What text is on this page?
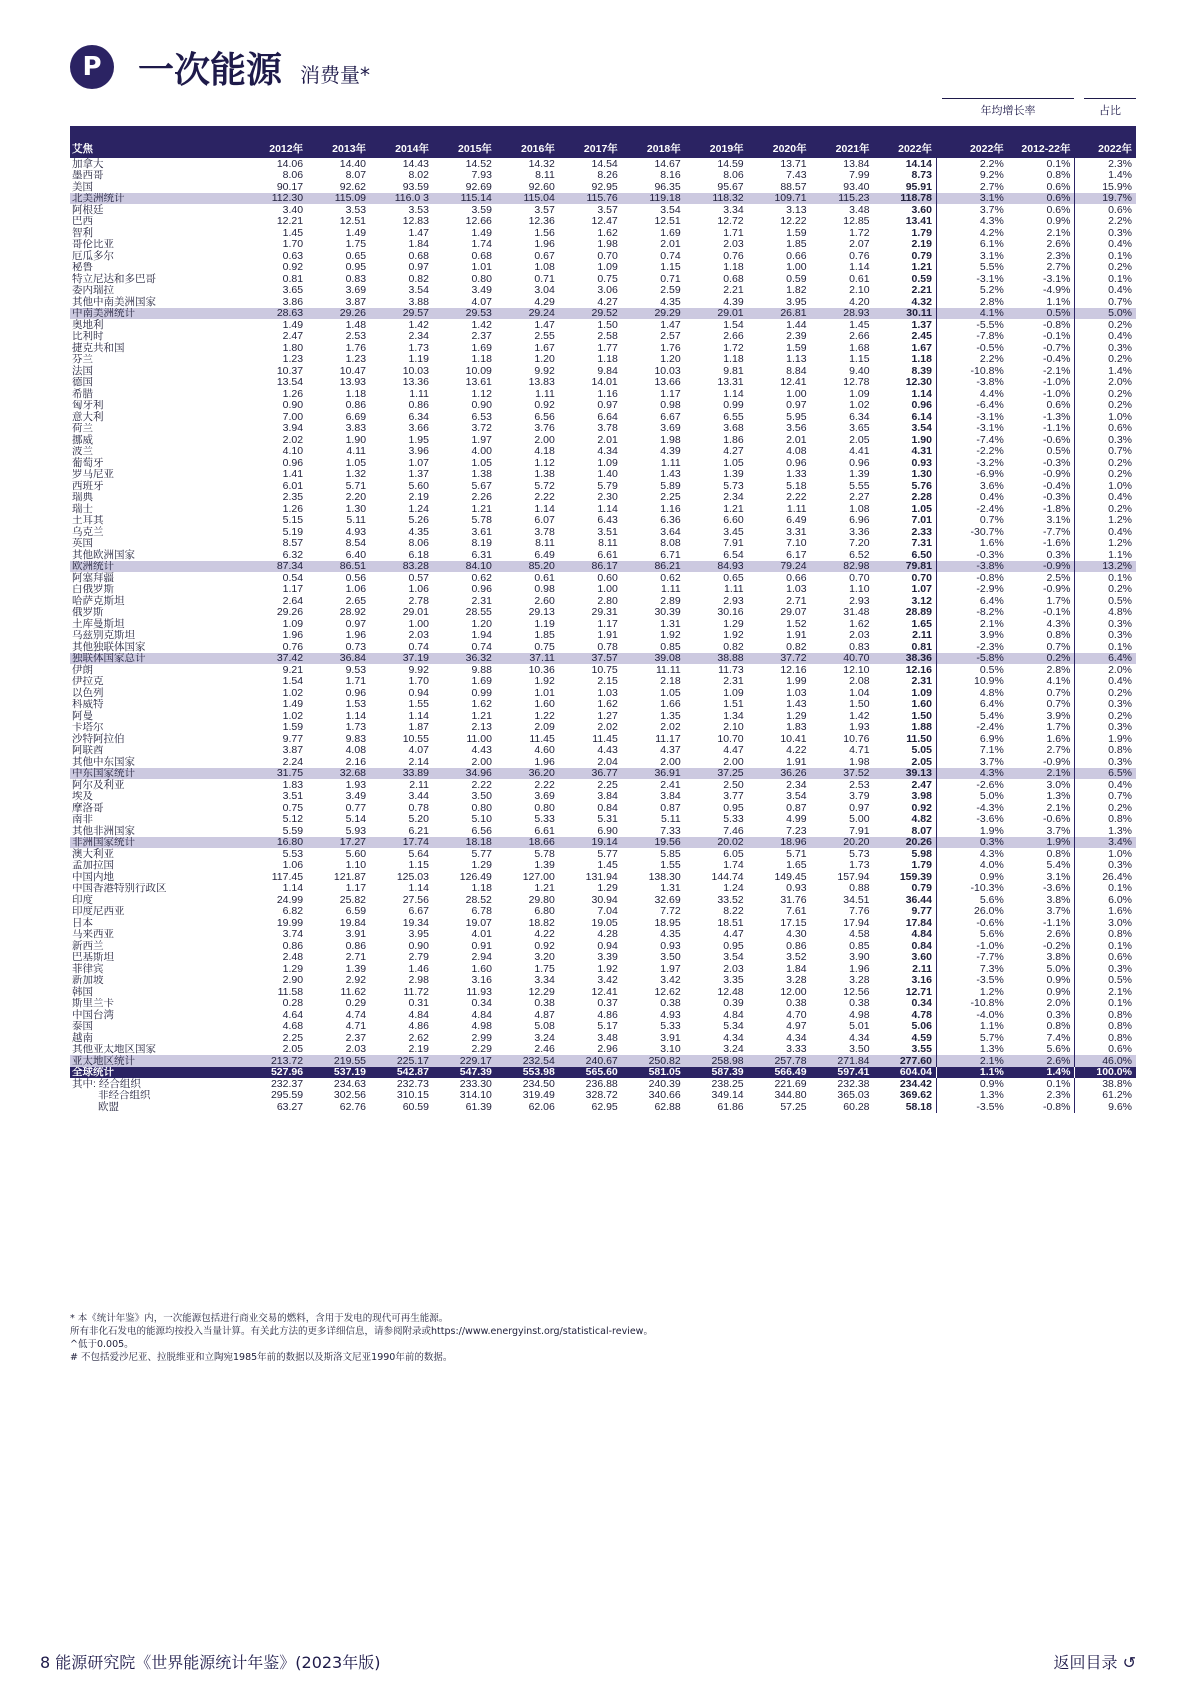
P	一次能源 消费量*
年均增长率	占比
艾焦	2012年	2013年	2014年	2015年	2016年	2017年	2018年	2019年	2020年	2021年	2022年	2022年	2012-22年	2022年
加拿大	14.06	14.40	14.43	14.52	14.32	14.54	14.67	14.59	13.71	13.84	14.14	2.2%	0.1%	2.3%
墨西哥	8.06	8.07	8.02	7.93	8.11	8.26	8.16	8.06	7.43	7.99	8.73	9.2%	0.8%	1.4%
美国	90.17	92.62	93.59	92.69	92.60	92.95	96.35	95.67	88.57	93.40	95.91	2.7%	0.6%	15.9%
北美洲统计	112.30	115.09	116.0 3	115.14	115.04	115.76	119.18	118.32	109.71	115.23	118.78	3.1%	0.6%	19.7%
阿根廷	3.40	3.53	3.53	3.59	3.57	3.57	3.54	3.34	3.13	3.48	3.60	3.7%	0.6%	0.6%
巴西	12.21	12.51	12.83	12.66	12.36	12.47	12.51	12.72	12.22	12.85	13.41	4.3%	0.9%	2.2%
智利	1.45	1.49	1.47	1.49	1.56	1.62	1.69	1.71	1.59	1.72	1.79	4.2%	2.1%	0.3%
哥伦比亚	1.70	1.75	1.84	1.74	1.96	1.98	2.01	2.03	1.85	2.07	2.19	6.1%	2.6%	0.4%
厄瓜多尔	0.63	0.65	0.68	0.68	0.67	0.70	0.74	0.76	0.66	0.76	0.79	3.1%	2.3%	0.1%
秘鲁	0.92	0.95	0.97	1.01	1.08	1.09	1.15	1.18	1.00	1.14	1.21	5.5%	2.7%	0.2%
特立尼达和多巴哥	0.81	0.83	0.82	0.80	0.71	0.75	0.71	0.68	0.59	0.61	0.59	-3.1%	-3.1%	0.1%
委内瑞拉	3.65	3.69	3.54	3.49	3.04	3.06	2.59	2.21	1.82	2.10	2.21	5.2%	-4.9%	0.4%
其他中南美洲国家	3.86	3.87	3.88	4.07	4.29	4.27	4.35	4.39	3.95	4.20	4.32	2.8%	1.1%	0.7%
中南美洲统计	28.63	29.26	29.57	29.53	29.24	29.52	29.29	29.01	26.81	28.93	30.11	4.1%	0.5%	5.0%
奥地利	1.49	1.48	1.42	1.42	1.47	1.50	1.47	1.54	1.44	1.45	1.37	-5.5%	-0.8%	0.2%
比利时	2.47	2.53	2.34	2.37	2.55	2.58	2.57	2.66	2.39	2.66	2.45	-7.8%	-0.1%	0.4%
捷克共和国	1.80	1.76	1.73	1.69	1.67	1.77	1.76	1.72	1.59	1.68	1.67	-0.5%	-0.7%	0.3%
芬兰	1.23	1.23	1.19	1.18	1.20	1.18	1.20	1.18	1.13	1.15	1.18	2.2%	-0.4%	0.2%
法国	10.37	10.47	10.03	10.09	9.92	9.84	10.03	9.81	8.84	9.40	8.39	-10.8%	-2.1%	1.4%
德国	13.54	13.93	13.36	13.61	13.83	14.01	13.66	13.31	12.41	12.78	12.30	-3.8%	-1.0%	2.0%
希腊	1.26	1.18	1.11	1.12	1.11	1.16	1.17	1.14	1.00	1.09	1.14	4.4%	-1.0%	0.2%
匈牙利	0.90	0.86	0.86	0.90	0.92	0.97	0.98	0.99	0.97	1.02	0.96	-6.4%	0.6%	0.2%
意大利	7.00	6.69	6.34	6.53	6.56	6.64	6.67	6.55	5.95	6.34	6.14	-3.1%	-1.3%	1.0%
荷兰	3.94	3.83	3.66	3.72	3.76	3.78	3.69	3.68	3.56	3.65	3.54	-3.1%	-1.1%	0.6%
挪威	2.02	1.90	1.95	1.97	2.00	2.01	1.98	1.86	2.01	2.05	1.90	-7.4%	-0.6%	0.3%
波兰	4.10	4.11	3.96	4.00	4.18	4.34	4.39	4.27	4.08	4.41	4.31	-2.2%	0.5%	0.7%
葡萄牙	0.96	1.05	1.07	1.05	1.12	1.09	1.11	1.05	0.96	0.96	0.93	-3.2%	-0.3%	0.2%
罗马尼亚	1.41	1.32	1.37	1.38	1.38	1.40	1.43	1.39	1.33	1.39	1.30	-6.9%	-0.9%	0.2%
西班牙	6.01	5.71	5.60	5.67	5.72	5.79	5.89	5.73	5.18	5.55	5.76	3.6%	-0.4%	1.0%
瑞典	2.35	2.20	2.19	2.26	2.22	2.30	2.25	2.34	2.22	2.27	2.28	0.4%	-0.3%	0.4%
瑞士	1.26	1.30	1.24	1.21	1.14	1.14	1.16	1.21	1.11	1.08	1.05	-2.4%	-1.8%	0.2%
土耳其	5.15	5.11	5.26	5.78	6.07	6.43	6.36	6.60	6.49	6.96	7.01	0.7%	3.1%	1.2%
乌克兰	5.19	4.93	4.35	3.61	3.78	3.51	3.64	3.45	3.31	3.36	2.33	-30.7%	-7.7%	0.4%
英国	8.57	8.54	8.06	8.19	8.11	8.11	8.08	7.91	7.10	7.20	7.31	1.6%	-1.6%	1.2%
其他欧洲国家	6.32	6.40	6.18	6.31	6.49	6.61	6.71	6.54	6.17	6.52	6.50	-0.3%	0.3%	1.1%
欧洲统计	87.34	86.51	83.28	84.10	85.20	86.17	86.21	84.93	79.24	82.98	79.81	-3.8%	-0.9%	13.2%
阿塞拜疆	0.54	0.56	0.57	0.62	0.61	0.60	0.62	0.65	0.66	0.70	0.70	-0.8%	2.5%	0.1%
白俄罗斯	1.17	1.06	1.06	0.96	0.98	1.00	1.11	1.11	1.03	1.10	1.07	-2.9%	-0.9%	0.2%
哈萨克斯坦	2.64	2.65	2.78	2.31	2.60	2.80	2.89	2.93	2.71	2.93	3.12	6.4%	1.7%	0.5%
俄罗斯	29.26	28.92	29.01	28.55	29.13	29.31	30.39	30.16	29.07	31.48	28.89	-8.2%	-0.1%	4.8%
土库曼斯坦	1.09	0.97	1.00	1.20	1.19	1.17	1.31	1.29	1.52	1.62	1.65	2.1%	4.3%	0.3%
乌兹别克斯坦	1.96	1.96	2.03	1.94	1.85	1.91	1.92	1.92	1.91	2.03	2.11	3.9%	0.8%	0.3%
其他独联体国家	0.76	0.73	0.74	0.74	0.75	0.78	0.85	0.82	0.82	0.83	0.81	-2.3%	0.7%	0.1%
独联体国家总计	37.42	36.84	37.19	36.32	37.11	37.57	39.08	38.88	37.72	40.70	38.36	-5.8%	0.2%	6.4%
伊朗	9.21	9.53	9.92	9.88	10.36	10.75	11.11	11.73	12.16	12.10	12.16	0.5%	2.8%	2.0%
伊拉克	1.54	1.71	1.70	1.69	1.92	2.15	2.18	2.31	1.99	2.08	2.31	10.9%	4.1%	0.4%
以色列	1.02	0.96	0.94	0.99	1.01	1.03	1.05	1.09	1.03	1.04	1.09	4.8%	0.7%	0.2%
科威特	1.49	1.53	1.55	1.62	1.60	1.62	1.66	1.51	1.43	1.50	1.60	6.4%	0.7%	0.3%
阿曼	1.02	1.14	1.14	1.21	1.22	1.27	1.35	1.34	1.29	1.42	1.50	5.4%	3.9%	0.2%
卡塔尔	1.59	1.73	1.87	2.13	2.09	2.02	2.02	2.10	1.83	1.93	1.88	-2.4%	1.7%	0.3%
沙特阿拉伯	9.77	9.83	10.55	11.00	11.45	11.45	11.17	10.70	10.41	10.76	11.50	6.9%	1.6%	1.9%
阿联酋	3.87	4.08	4.07	4.43	4.60	4.43	4.37	4.47	4.22	4.71	5.05	7.1%	2.7%	0.8%
其他中东国家	2.24	2.16	2.14	2.00	1.96	2.04	2.00	2.00	1.91	1.98	2.05	3.7%	-0.9%	0.3%
中东国家统计	31.75	32.68	33.89	34.96	36.20	36.77	36.91	37.25	36.26	37.52	39.13	4.3%	2.1%	6.5%
阿尔及利亚	1.83	1.93	2.11	2.22	2.22	2.25	2.41	2.50	2.34	2.53	2.47	-2.6%	3.0%	0.4%
埃及	3.51	3.49	3.44	3.50	3.69	3.84	3.84	3.77	3.54	3.79	3.98	5.0%	1.3%	0.7%
摩洛哥	0.75	0.77	0.78	0.80	0.80	0.84	0.87	0.95	0.87	0.97	0.92	-4.3%	2.1%	0.2%
南非	5.12	5.14	5.20	5.10	5.33	5.31	5.11	5.33	4.99	5.00	4.82	-3.6%	-0.6%	0.8%
其他非洲国家	5.59	5.93	6.21	6.56	6.61	6.90	7.33	7.46	7.23	7.91	8.07	1.9%	3.7%	1.3%
非洲国家统计	16.80	17.27	17.74	18.18	18.66	19.14	19.56	20.02	18.96	20.20	20.26	0.3%	1.9%	3.4%
澳大利亚	5.53	5.60	5.64	5.77	5.78	5.77	5.85	6.05	5.71	5.73	5.98	4.3%	0.8%	1.0%
孟加拉国	1.06	1.10	1.15	1.29	1.39	1.45	1.55	1.74	1.65	1.73	1.79	4.0%	5.4%	0.3%
中国内地	117.45	121.87	125.03	126.49	127.00	131.94	138.30	144.74	149.45	157.94	159.39	0.9%	3.1%	26.4%
中国香港特别行政区	1.14	1.17	1.14	1.18	1.21	1.29	1.31	1.24	0.93	0.88	0.79	-10.3%	-3.6%	0.1%
印度	24.99	25.82	27.56	28.52	29.80	30.94	32.69	33.52	31.76	34.51	36.44	5.6%	3.8%	6.0%
印度尼西亚	6.82	6.59	6.67	6.78	6.80	7.04	7.72	8.22	7.61	7.76	9.77	26.0%	3.7%	1.6%
日本	19.99	19.84	19.34	19.07	18.82	19.05	18.95	18.51	17.15	17.94	17.84	-0.6%	-1.1%	3.0%
马来西亚	3.74	3.91	3.95	4.01	4.22	4.28	4.35	4.47	4.30	4.58	4.84	5.6%	2.6%	0.8%
新西兰	0.86	0.86	0.90	0.91	0.92	0.94	0.93	0.95	0.86	0.85	0.84	-1.0%	-0.2%	0.1%
巴基斯坦	2.48	2.71	2.79	2.94	3.20	3.39	3.50	3.54	3.52	3.90	3.60	-7.7%	3.8%	0.6%
菲律宾	1.29	1.39	1.46	1.60	1.75	1.92	1.97	2.03	1.84	1.96	2.11	7.3%	5.0%	0.3%
新加坡	2.90	2.92	2.98	3.16	3.34	3.42	3.42	3.35	3.28	3.28	3.16	-3.5%	0.9%	0.5%
韩国	11.58	11.62	11.72	11.93	12.29	12.41	12.62	12.48	12.00	12.56	12.71	1.2%	0.9%	2.1%
斯里兰卡	0.28	0.29	0.31	0.34	0.38	0.37	0.38	0.39	0.38	0.38	0.34	-10.8%	2.0%	0.1%
中国台湾	4.64	4.74	4.84	4.84	4.87	4.86	4.93	4.84	4.70	4.98	4.78	-4.0%	0.3%	0.8%
泰国	4.68	4.71	4.86	4.98	5.08	5.17	5.33	5.34	4.97	5.01	5.06	1.1%	0.8%	0.8%
越南	2.25	2.37	2.62	2.99	3.24	3.48	3.91	4.34	4.34	4.34	4.59	5.7%	7.4%	0.8%
其他亚太地区国家	2.05	2.03	2.19	2.29	2.46	2.96	3.10	3.24	3.33	3.50	3.55	1.3%	5.6%	0.6%
亚太地区统计	213.72	219.55	225.17	229.17	232.54	240.67	250.82	258.98	257.78	271.84	277.60	2.1%	2.6%	46.0%
全球统计	527.96	537.19	542.87	547.39	553.98	565.60	581.05	587.39	566.49	597.41	604.04	1.1%	1.4%	100.0%
其中: 经合组织	232.37	234.63	232.73	233.30	234.50	236.88	240.39	238.25	221.69	232.38	234.42	0.9%	0.1%	38.8%
非经合组织	295.59	302.56	310.15	314.10	319.49	328.72	340.66	349.14	344.80	365.03	369.62	1.3%	2.3%	61.2%
欧盟	63.27	62.76	60.59	61.39	62.06	62.95	62.88	61.86	57.25	60.28	58.18	-3.5%	-0.8%	9.6%
* 本《统计年鉴》内，一次能源包括进行商业交易的燃料，含用于发电的现代可再生能源。
所有非化石发电的能源均按投入当量计算。有关此方法的更多详细信息，请参阅附录或https://www.energyinst.org/statistical-review。
^低于0.005。
# 不包括爱沙尼亚、拉脱维亚和立陶宛1985年前的数据以及斯洛文尼亚1990年前的数据。
8 能源研究院《世界能源统计年鉴》(2023年版)	返回目录 ↺
